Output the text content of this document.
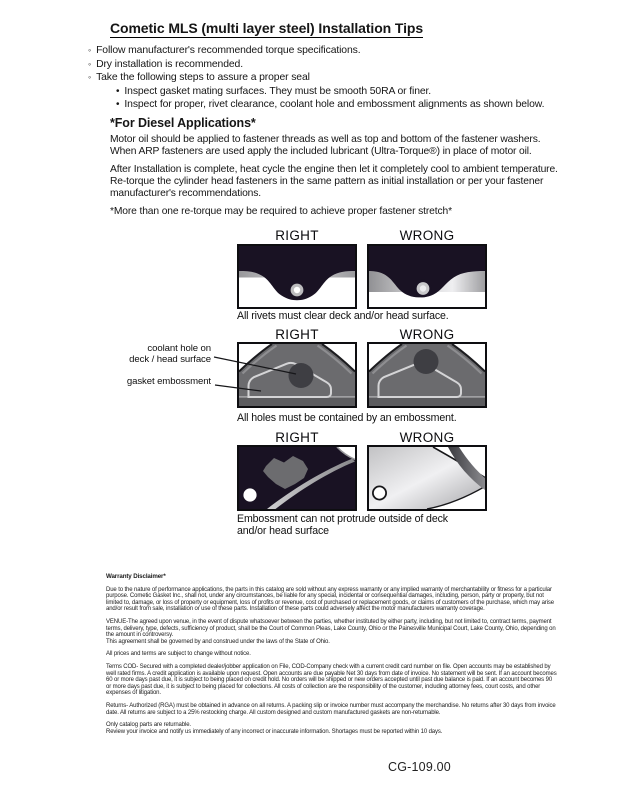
Cometic MLS (multi layer steel) Installation Tips
◦ Follow manufacturer's recommended torque specifications.
◦ Dry installation is recommended.
◦ Take the following steps to assure a proper seal
• Inspect gasket mating surfaces. They must be smooth 50RA or finer.
• Inspect for proper, rivet clearance, coolant hole and embossment alignments as shown below.
*For Diesel Applications*

Motor oil should be applied to fastener threads as well as top and bottom of the fastener washers. When ARP fasteners are used apply the included lubricant (Ultra-Torque®) in place of motor oil.

After Installation is complete, heat cycle the engine then let it completely cool to ambient temperature. Re-torque the cylinder head fasteners in the same pattern as initial installation or per your fastener manufacturer's recommendations.

*More than one re-torque may be required to achieve proper fastener stretch*

RIGHT	WRONG
All rivets must clear deck and/or head surface.
RIGHT	WRONG
All holes must be contained by an embossment.
coolant hole on
deck / head surface
gasket embossment
RIGHT	WRONG
Embossment can not protrude outside of deck and/or head surface
Warranty Disclaimer*

Due to the nature of performance applications, the parts in this catalog are sold without any express warranty or any implied warranty of merchantability or fitness for a particular purpose. Cometic Gasket Inc., shall not, under any circumstances, be liable for any special, incidental or consequential damages, including, person, party or property, but not limited to, damage, or loss of property or equipment, loss of profits or revenue, cost of purchased or replacement goods, or claims of customers of the purchase, which may arise and/or result from sale, installation or use of these parts. Installation of these parts could adversely affect the motor manufacturers warranty coverage.

VENUE-The agreed upon venue, in the event of dispute whatsoever between the parties, whether instituted by either party, including, but not limited to, contract terms, payment terms, delivery, type, defects, sufficiency of product, shall be the Court of Common Pleas, Lake County, Ohio or the Painesville Municipal Court, Lake County, Ohio, depending on the amount in controversy.

This agreement shall be governed by and construed under the laws of the State of Ohio.

All prices and terms are subject to change without notice.

Terms COD- Secured with a completed dealer/jobber application on File, COD-Company check with a current credit card number on file. Open accounts may be established by well rated firms. A credit application is available upon request. Open accounts are due payable Net 30 days from date of invoice. No statement will be sent. If an account becomes 60 or more days past due, it is subject to being placed on credit hold. No orders will be shipped or new orders accepted until past due balance is paid. If an account becomes 90 or more days past due, it is subject to being placed for collections. All costs of collection are the responsibility of the customer, including attorney fees, court costs, and other expenses of litigation.

Returns- Authorized (RGA) must be obtained in advance on all returns. A packing slip or invoice number must accompany the merchandise. No returns after 30 days from invoice date. All returns are subject to a 25% restocking charge. All custom designed and custom manufactured gaskets are non-returnable.

Only catalog parts are returnable.

Review your invoice and notify us immediately of any incorrect or inaccurate information. Shortages must be reported within 10 days.

CG-109.00
